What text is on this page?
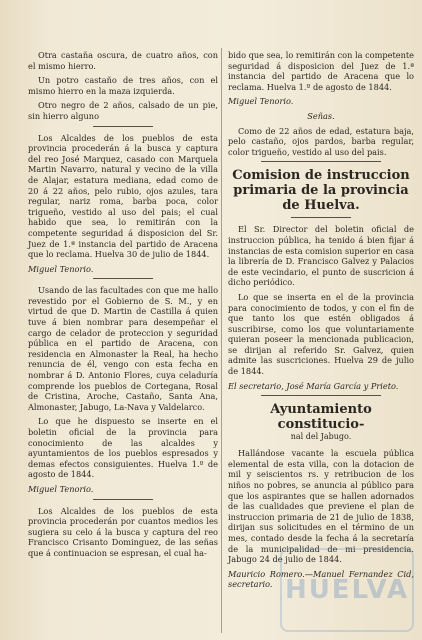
Otra castaña oscura, de cuatro años, con el mismo hierro.

Un potro castaño de tres años, con el mismo hierro en la maza izquierda.

Otro negro de 2 años, calsado de un pie, sin hierro alguno

Los Alcaldes de los pueblos de esta provincia procederán á la busca y captura del reo José Marquez, casado con Marquela Martin Navarro, natural y vecino de la villa de Alajar, estatura mediana, edad como de 20 á 22 años, pelo rubio, ojos azules, tara regular, nariz roma, barba poca, color trigueño, vestido al uso del pais; el cual habido que sea, lo remitirán con la competente seguridad á disposicion del Sr. Juez de 1.ª instancia del partido de Aracena que lo reclama. Huelva 30 de julio de 1844.

Miguel Tenorio.

Usando de las facultades con que me hallo revestido por el Gobierno de S. M., y en virtud de que D. Martin de Castilla á quien tuve á bien nombrar para desempeñar el cargo de celador de proteccion y seguridad pública en el partido de Aracena, con residencia en Almonaster la Real, ha hecho renuncia de él, vengo con esta fecha en nombrar á D. Antonio Flores, cuya celaduría comprende los pueblos de Cortegana, Rosal de Cristina, Aroche, Castaño, Santa Ana, Almonaster, Jabugo, La-Nava y Valdelarco.

Lo que he dispuesto se inserte en el boletin oficial de la provincia para conocimiento de las alcaldes y ayuntamientos de los pueblos espresados y demas efectos consiguientes. Huelva 1.º de agosto de 1844.

Miguel Tenorio.

Los Alcaldes de los pueblos de esta provincia procederán por cuantos medios les sugiera su celo á la busca y captura del reo Francisco Crisanto Dominguez, de las señas que á continuacion se espresan, el cual ha-

bido que sea, lo remitirán con la competente seguridad á disposicion del Juez de 1.ª instancia del partido de Aracena que lo reclama. Huelva 1.º de agosto de 1844.

Miguel Tenorio.

Señas.

Como de 22 años de edad, estatura baja, pelo castaño, ojos pardos, barba regular, color trigueño, vestido al uso del pais.

Comision de instruccion primaria de la provincia de Huelva.

El Sr. Director del boletin oficial de instruccion pública, ha tenido á bien fijar á instancias de esta comision superior en casa la librería de D. Francisco Galvez y Palacios de este vecindario, el punto de suscricion á dicho periódico.

Lo que se inserta en el de la provincia para conocimiento de todos, y con el fin de que tanto los que estén obligados á suscribirse, como los que voluntariamente quieran poseer la mencionada publicacion, se dirijan al referido Sr. Galvez, quien admite las suscriciones. Huelva 29 de julio de 1844.

El secretario, José María García y Prieto.

Ayuntamiento constitucio-
nal del Jabugo.

Hallándose vacante la escuela pública elemental de esta villa, con la dotacion de mil y seiscientos rs. y retribucion de los niños no pobres, se anuncia al público para que los aspirantes que se hallen adornados de las cualidades que previene el plan de instruccion primaria de 21 de julio de 1838, dirijan sus solicitudes en el término de un mes, contado desde la fecha á la secretaría de la municipalidad de mi presidencia. Jabugo 24 de julio de 1844.

Mauricio Romero.—Manuel Fernandez Cid, secretario. HUELVA
